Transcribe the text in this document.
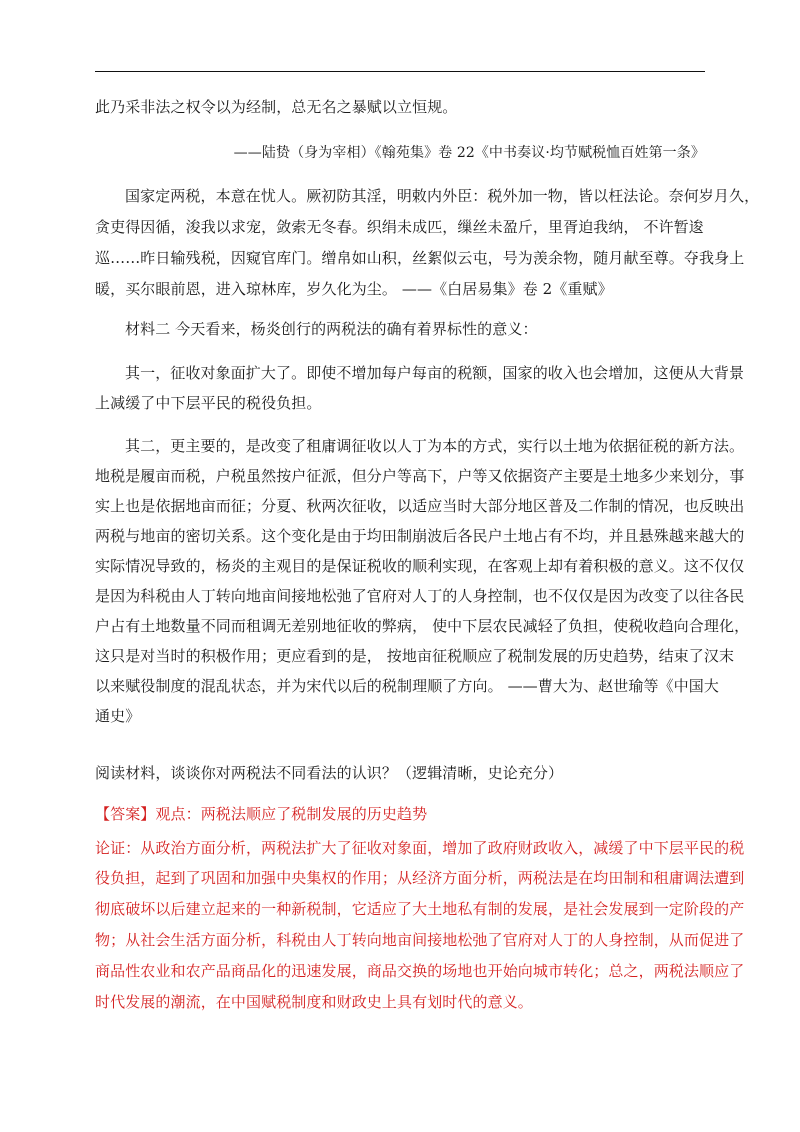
此乃采非法之权令以为经制，总无名之暴赋以立恒规。
——陆贽（身为宰相）《翰苑集》卷 22《中书奏议·均节赋税恤百姓第一条》
国家定两税，本意在忧人。厥初防其淫，明敕内外臣：税外加一物，皆以枉法论。奈何岁月久，
贪吏得因循，浚我以求宠，敛索无冬春。织绢未成匹，缫丝未盈斤，里胥迫我纳， 不许暂逡
巡……昨日输残税，因窥官库门。缯帛如山积，丝絮似云屯，号为羡余物，随月献至尊。夺我身上
暖，买尔眼前恩，进入琼林库，岁久化为尘。 ——《白居易集》卷 2《重赋》
材料二 今天看来，杨炎创行的两税法的确有着界标性的意义：
其一，征收对象面扩大了。即使不增加每户每亩的税额，国家的收入也会增加，这便从大背景
上减缓了中下层平民的税役负担。
其二，更主要的，是改变了租庸调征收以人丁为本的方式，实行以土地为依据征税的新方法。
地税是履亩而税，户税虽然按户征派，但分户等高下，户等又依据资产主要是土地多少来划分，事
实上也是依据地亩而征；分夏、秋两次征收，以适应当时大部分地区普及二作制的情况，也反映出
两税与地亩的密切关系。这个变化是由于均田制崩波后各民户土地占有不均，并且悬殊越来越大的
实际情况导致的，杨炎的主观目的是保证税收的顺利实现，在客观上却有着积极的意义。这不仅仅
是因为科税由人丁转向地亩间接地松弛了官府对人丁的人身控制，也不仅仅是因为改变了以往各民
户占有土地数量不同而租调无差别地征收的弊病， 使中下层农民减轻了负担，使税收趋向合理化，
这只是对当时的积极作用；更应看到的是， 按地亩征税顺应了税制发展的历史趋势，结束了汉末
以来赋役制度的混乱状态，并为宋代以后的税制理顺了方向。 ——曹大为、赵世瑜等《中国大
通史》
阅读材料，谈谈你对两税法不同看法的认识？（逻辑清晰，史论充分）
【答案】观点：两税法顺应了税制发展的历史趋势
论证：从政治方面分析，两税法扩大了征收对象面，增加了政府财政收入，减缓了中下层平民的税
役负担，起到了巩固和加强中央集权的作用；从经济方面分析，两税法是在均田制和租庸调法遭到
彻底破坏以后建立起来的一种新税制，它适应了大土地私有制的发展，是社会发展到一定阶段的产
物；从社会生活方面分析，科税由人丁转向地亩间接地松弛了官府对人丁的人身控制，从而促进了
商品性农业和农产品商品化的迅速发展，商品交换的场地也开始向城市转化；总之，两税法顺应了
时代发展的潮流，在中国赋税制度和财政史上具有划时代的意义。
